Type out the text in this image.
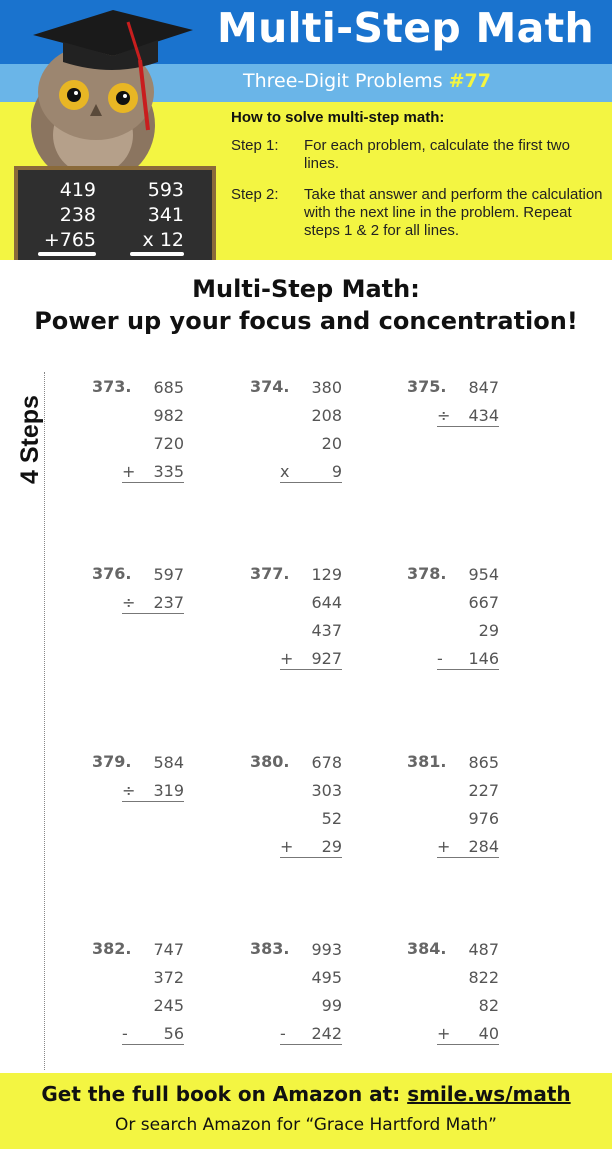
419
238
+765
593
341
x 12
Multi-Step Math
Three-Digit Problems #77
How to solve multi-step math:
Step 1: For each problem, calculate the first two lines.
Step 2: Take that answer and perform the calculation with the next line in the problem. Repeat steps 1 & 2 for all lines.
Multi-Step Math:
Power up your focus and concentration!
4 Steps
373.	685
982
720
+	335
374.	380
208
20
x	9
375.	847
÷	434
376.	597
÷	237
377.	129
644
437
+	927
378.	954
667
29
-	146
379.	584
÷	319
380.	678
303
52
+	29
381.	865
227
976
+	284
382.	747
372
245
-	56
383.	993
495
99
-	242
384.	487
822
82
+	40
Get the full book on Amazon at: smile.ws/math
Or search Amazon for “Grace Hartford Math”
